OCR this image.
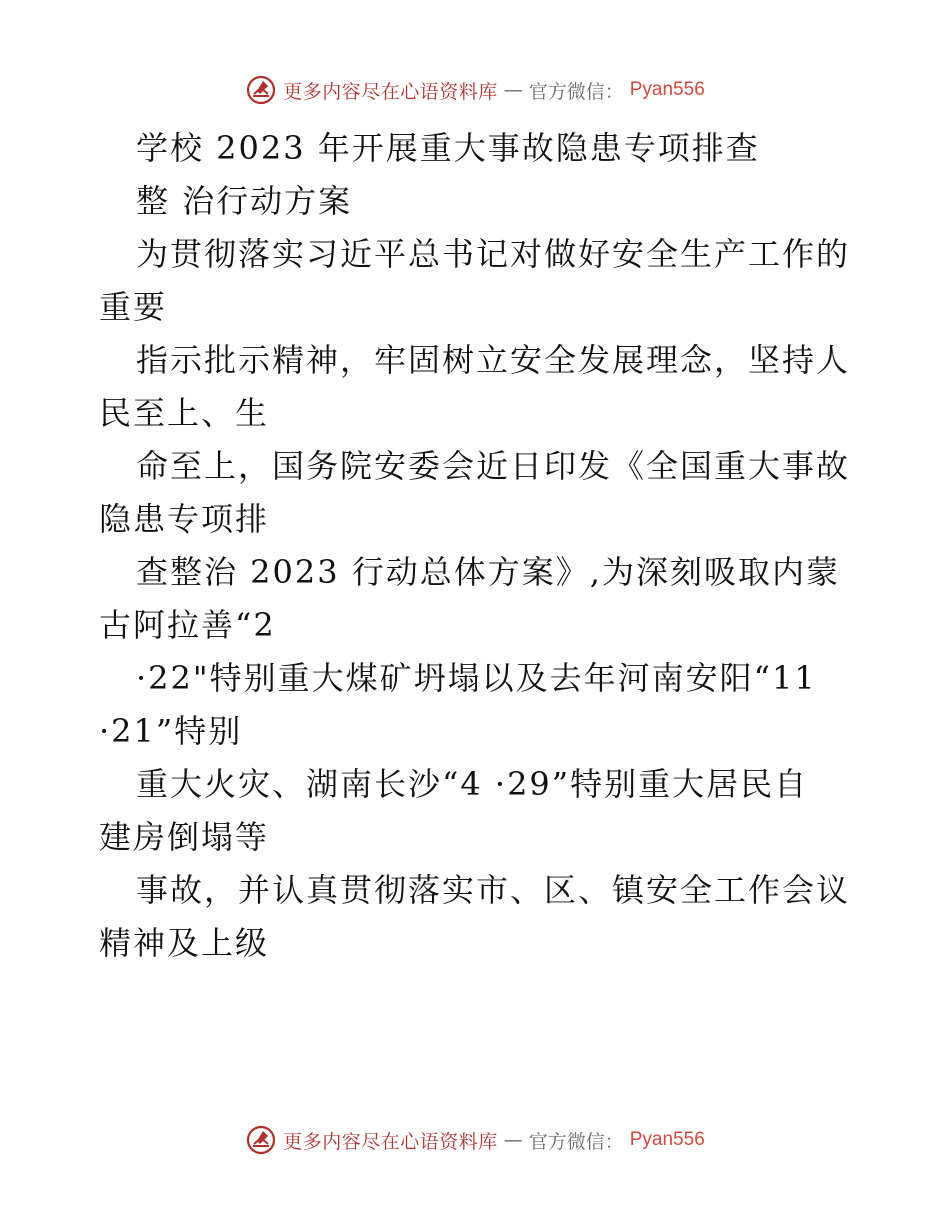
更多内容尽在心语资料库 — 官方微信： Pyan556
学校 2023 年开展重大事故隐患专项排查
整 治行动方案
为贯彻落实习近平总书记对做好安全生产工作的
重要
指示批示精神，牢固树立安全发展理念，坚持人
民至上、生
命至上，国务院安委会近日印发《全国重大事故
隐患专项排
查整治 2023 行动总体方案》,为深刻吸取内蒙
古阿拉善“2
·22"特别重大煤矿坍塌以及去年河南安阳“11
·21”特别
重大火灾、湖南长沙“4 ·29”特别重大居民自
建房倒塌等
事故，并认真贯彻落实市、区、镇安全工作会议
精神及上级
更多内容尽在心语资料库 — 官方微信： Pyan556
